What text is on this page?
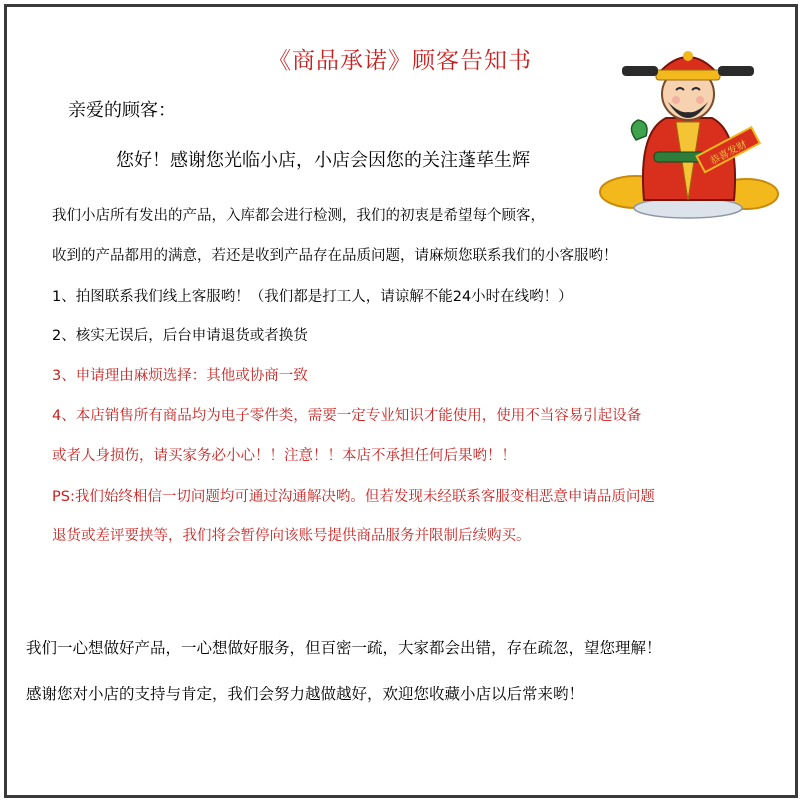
《商品承诺》顾客告知书
亲爱的顾客：
您好！感谢您光临小店，小店会因您的关注蓬荜生辉
我们小店所有发出的产品，入库都会进行检测，我们的初衷是希望每个顾客，
收到的产品都用的满意，若还是收到产品存在品质问题，请麻烦您联系我们的小客服哟！
1、拍图联系我们线上客服哟！（我们都是打工人，请谅解不能24小时在线哟！）
2、核实无误后，后台申请退货或者换货
3、申请理由麻烦选择：其他或协商一致
4、本店销售所有商品均为电子零件类，需要一定专业知识才能使用，使用不当容易引起设备
或者人身损伤，请买家务必小心！！注意！！本店不承担任何后果哟！！
PS:我们始终相信一切问题均可通过沟通解决哟。但若发现未经联系客服变相恶意申请品质问题
退货或差评要挟等，我们将会暂停向该账号提供商品服务并限制后续购买。
我们一心想做好产品，一心想做好服务，但百密一疏，大家都会出错，存在疏忽，望您理解！
感谢您对小店的支持与肯定，我们会努力越做越好，欢迎您收藏小店以后常来哟！
恭喜发财
